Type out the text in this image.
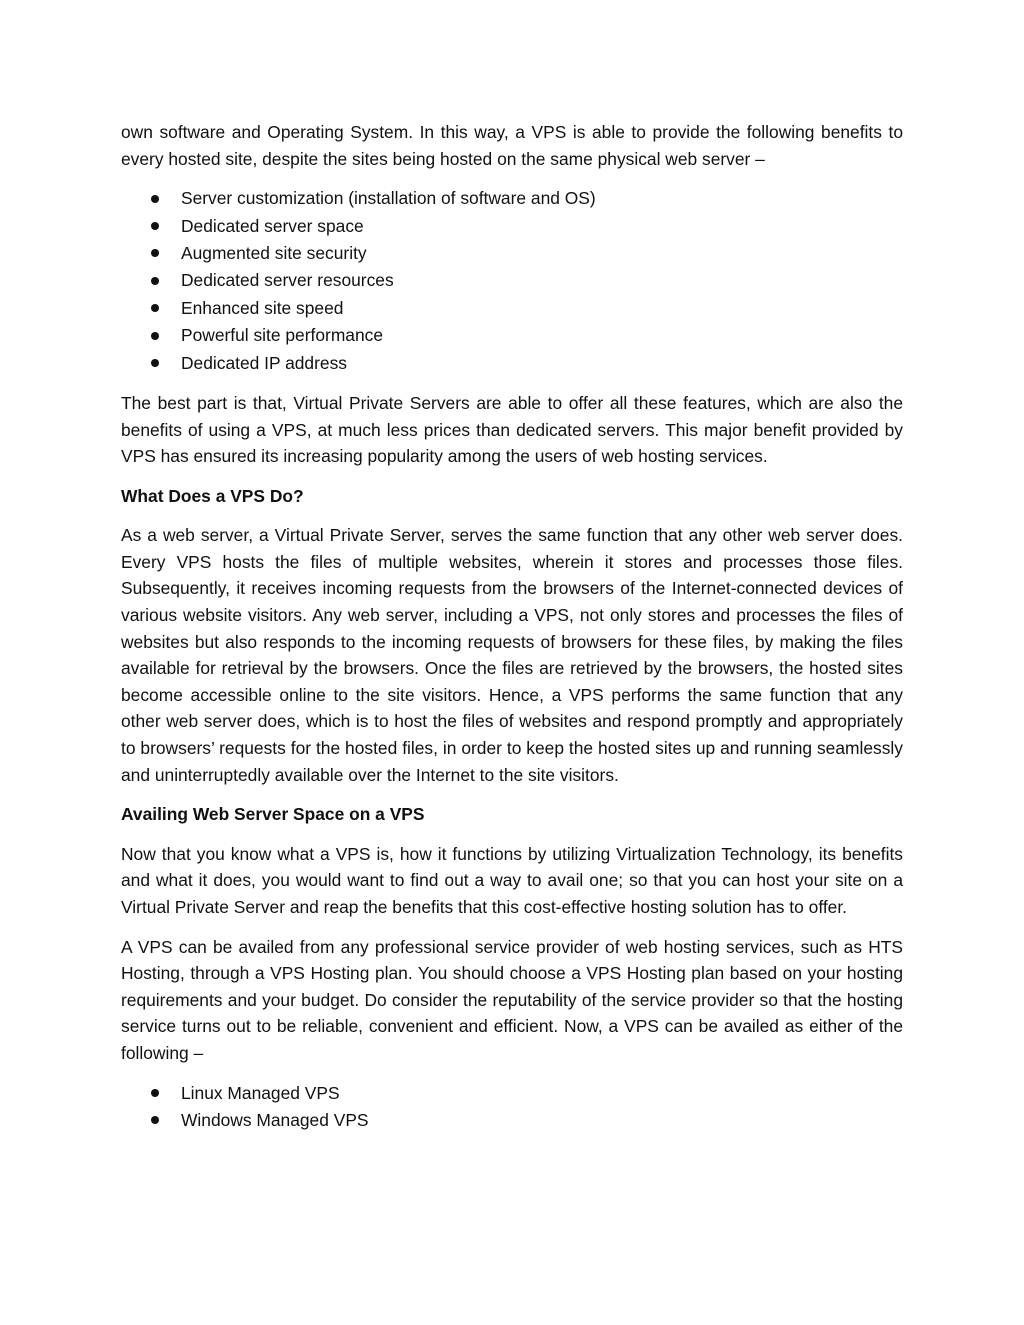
own software and Operating System. In this way, a VPS is able to provide the following benefits to every hosted site, despite the sites being hosted on the same physical web server –

Server customization (installation of software and OS)
Dedicated server space
Augmented site security
Dedicated server resources
Enhanced site speed
Powerful site performance
Dedicated IP address

The best part is that, Virtual Private Servers are able to offer all these features, which are also the benefits of using a VPS, at much less prices than dedicated servers. This major benefit provided by VPS has ensured its increasing popularity among the users of web hosting services.

What Does a VPS Do?

As a web server, a Virtual Private Server, serves the same function that any other web server does. Every VPS hosts the files of multiple websites, wherein it stores and processes those files. Subsequently, it receives incoming requests from the browsers of the Internet-connected devices of various website visitors. Any web server, including a VPS, not only stores and processes the files of websites but also responds to the incoming requests of browsers for these files, by making the files available for retrieval by the browsers. Once the files are retrieved by the browsers, the hosted sites become accessible online to the site visitors. Hence, a VPS performs the same function that any other web server does, which is to host the files of websites and respond promptly and appropriately to browsers’ requests for the hosted files, in order to keep the hosted sites up and running seamlessly and uninterruptedly available over the Internet to the site visitors.

Availing Web Server Space on a VPS

Now that you know what a VPS is, how it functions by utilizing Virtualization Technology, its benefits and what it does, you would want to find out a way to avail one; so that you can host your site on a Virtual Private Server and reap the benefits that this cost-effective hosting solution has to offer.

A VPS can be availed from any professional service provider of web hosting services, such as HTS Hosting, through a VPS Hosting plan. You should choose a VPS Hosting plan based on your hosting requirements and your budget. Do consider the reputability of the service provider so that the hosting service turns out to be reliable, convenient and efficient. Now, a VPS can be availed as either of the following –

Linux Managed VPS
Windows Managed VPS
